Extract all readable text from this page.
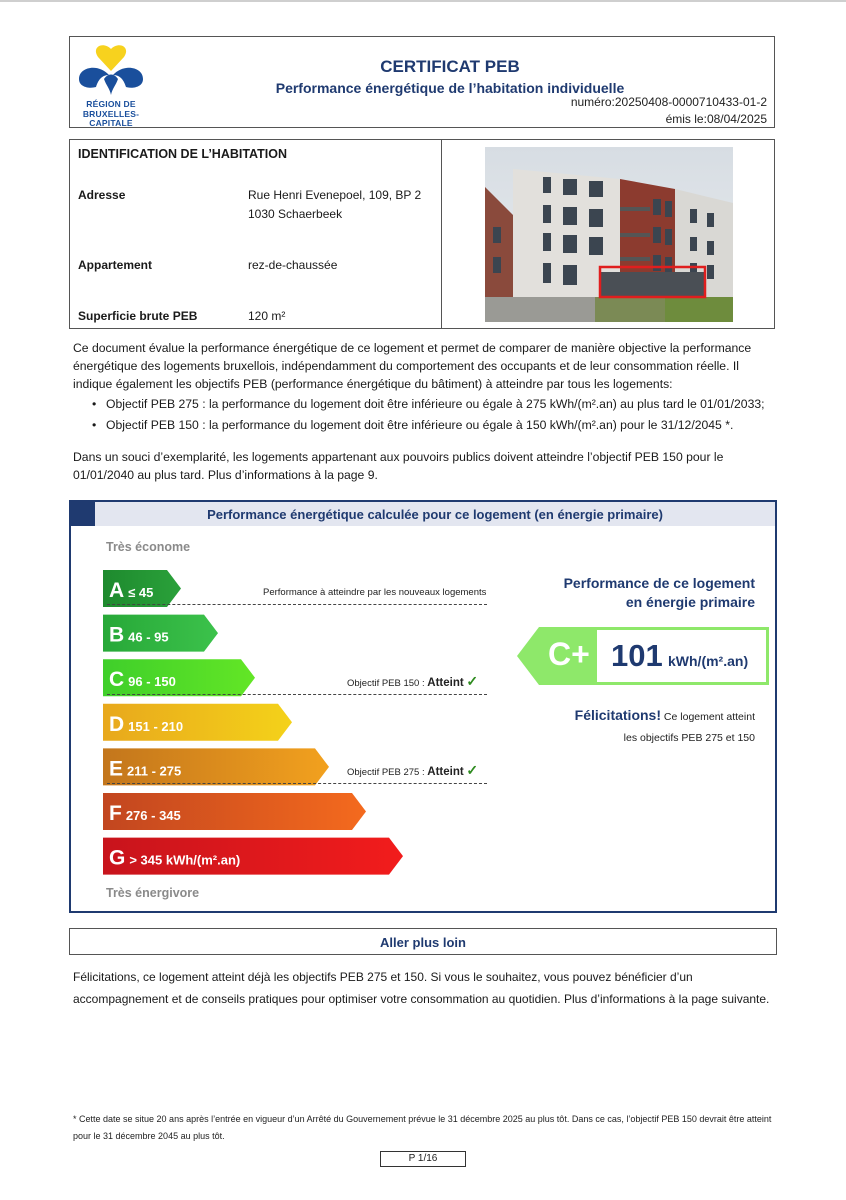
RÉGION DE
BRUXELLES-
CAPITALE
CERTIFICAT PEB
Performance énergétique de l’habitation individuelle
numéro:20250408-0000710433-01-2
émis le:08/04/2025
IDENTIFICATION DE L’HABITATION
Adresse	Rue Henri Evenepoel, 109, BP 2
1030 Schaerbeek
Appartement	rez-de-chaussée
Superficie brute PEB	120 m²
Ce document évalue la performance énergétique de ce logement et permet de comparer de manière objective la performance énergétique des logements bruxellois, indépendamment du comportement des occupants et de leur consommation réelle. Il indique également les objectifs PEB (performance énergétique du bâtiment) à atteindre par tous les logements:
• Objectif PEB 275 : la performance du logement doit être inférieure ou égale à 275 kWh/(m².an) au plus tard le 01/01/2033;
• Objectif PEB 150 : la performance du logement doit être inférieure ou égale à 150 kWh/(m².an) pour le 31/12/2045 *.
Dans un souci d’exemplarité, les logements appartenant aux pouvoirs publics doivent atteindre l’objectif PEB 150 pour le 01/01/2040 au plus tard. Plus d’informations à la page 9.
Performance énergétique calculée pour ce logement (en énergie primaire)
Très économe
A ≤ 45
B 46 - 95
C 96 - 150
D 151 - 210
E 211 - 275
F 276 - 345
G > 345 kWh/(m².an)
Performance à atteindre par les nouveaux logements
Objectif PEB 150 : Atteint ✓
Objectif PEB 275 : Atteint ✓
Très énergivore
Performance de ce logement
en énergie primaire
C+ 101 kWh/(m².an)
Félicitations! Ce logement atteint
les objectifs PEB 275 et 150
Aller plus loin
Félicitations, ce logement atteint déjà les objectifs PEB 275 et 150. Si vous le souhaitez, vous pouvez bénéficier d’un accompagnement et de conseils pratiques pour optimiser votre consommation au quotidien. Plus d’informations à la page suivante.
* Cette date se situe 20 ans après l’entrée en vigueur d’un Arrêté du Gouvernement prévue le 31 décembre 2025 au plus tôt. Dans ce cas, l’objectif PEB 150 devrait être atteint pour le 31 décembre 2045 au plus tôt.
P 1/16
